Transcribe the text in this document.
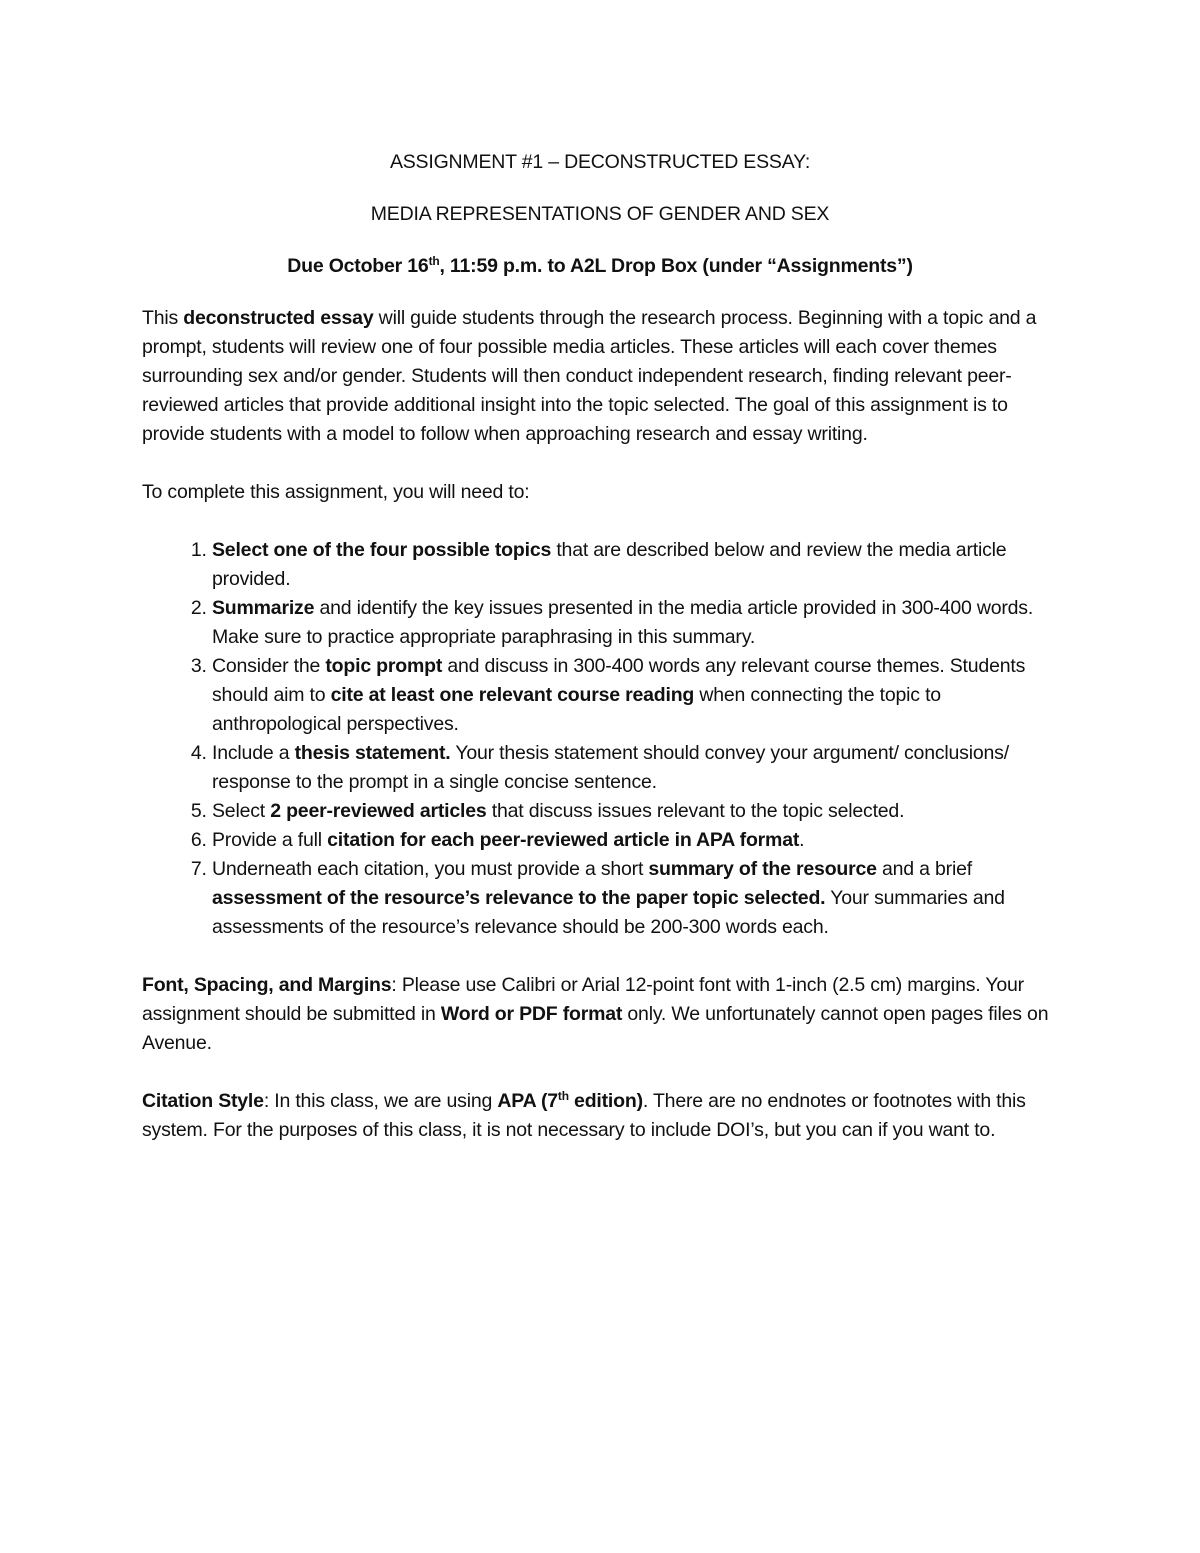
ASSIGNMENT #1 – DECONSTRUCTED ESSAY:

MEDIA REPRESENTATIONS OF GENDER AND SEX

Due October 16th, 11:59 p.m. to A2L Drop Box (under “Assignments”)

This deconstructed essay will guide students through the research process. Beginning with a topic and a prompt, students will review one of four possible media articles. These articles will each cover themes surrounding sex and/or gender. Students will then conduct independent research, finding relevant peer-reviewed articles that provide additional insight into the topic selected. The goal of this assignment is to provide students with a model to follow when approaching research and essay writing.

To complete this assignment, you will need to:

1. Select one of the four possible topics that are described below and review the media article provided.
2. Summarize and identify the key issues presented in the media article provided in 300-400 words. Make sure to practice appropriate paraphrasing in this summary.
3. Consider the topic prompt and discuss in 300-400 words any relevant course themes. Students should aim to cite at least one relevant course reading when connecting the topic to anthropological perspectives.
4. Include a thesis statement. Your thesis statement should convey your argument/ conclusions/ response to the prompt in a single concise sentence.
5. Select 2 peer-reviewed articles that discuss issues relevant to the topic selected.
6. Provide a full citation for each peer-reviewed article in APA format.
7. Underneath each citation, you must provide a short summary of the resource and a brief assessment of the resource’s relevance to the paper topic selected. Your summaries and assessments of the resource’s relevance should be 200-300 words each.

Font, Spacing, and Margins: Please use Calibri or Arial 12-point font with 1-inch (2.5 cm) margins. Your assignment should be submitted in Word or PDF format only. We unfortunately cannot open pages files on Avenue.

Citation Style: In this class, we are using APA (7th edition). There are no endnotes or footnotes with this system. For the purposes of this class, it is not necessary to include DOI’s, but you can if you want to.
